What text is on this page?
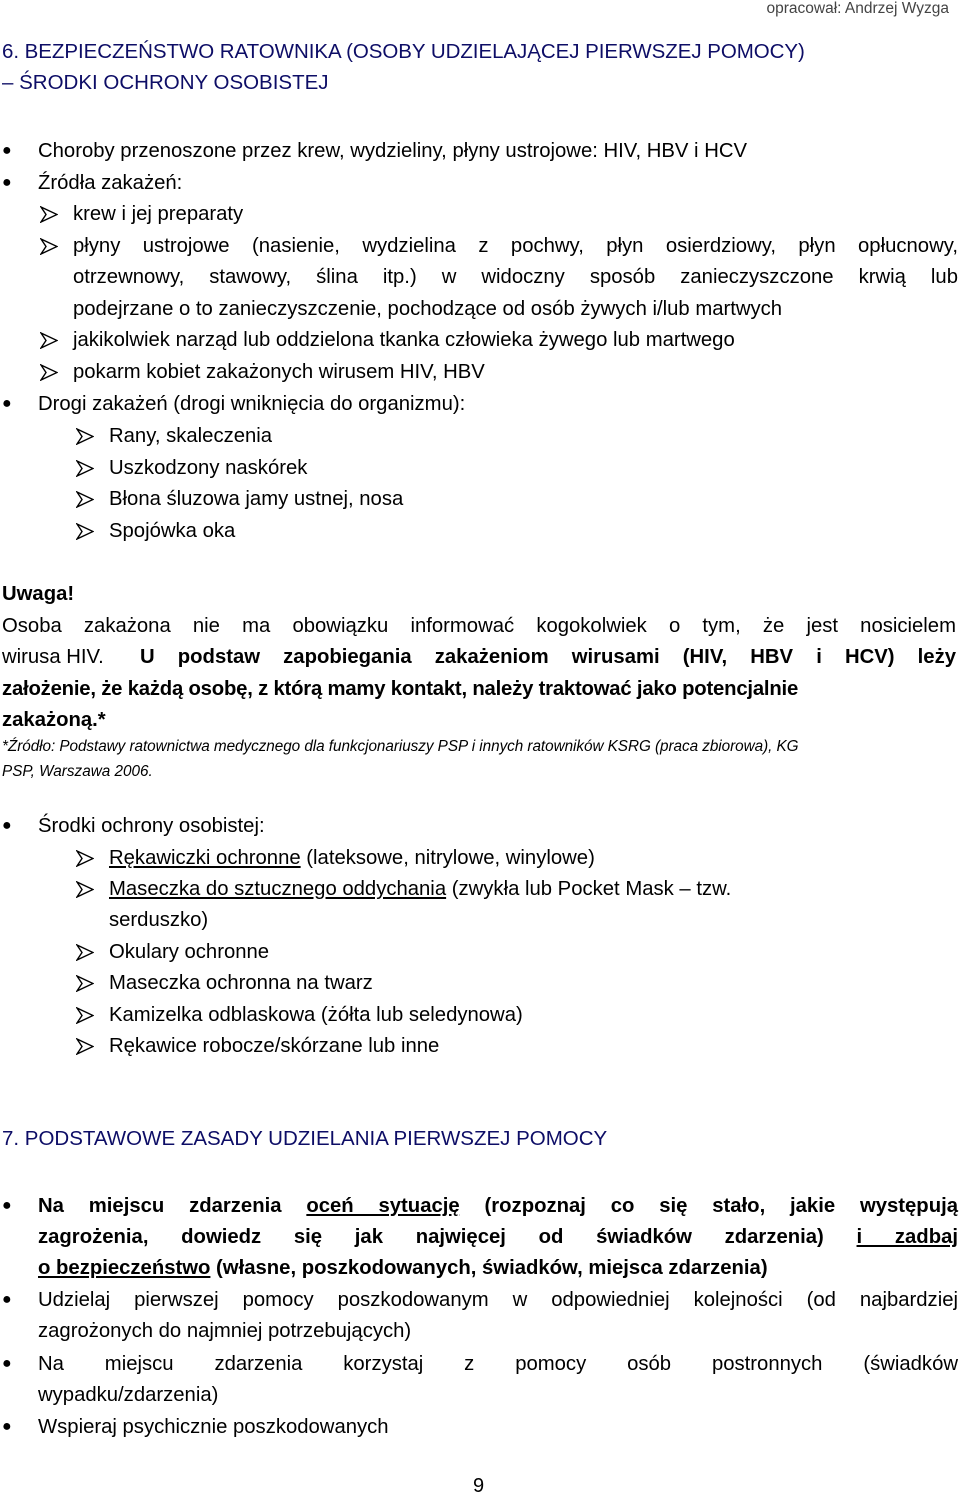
opracował: Andrzej Wyzga
6. BEZPIECZEŃSTWO RATOWNIKA (OSOBY UDZIELAJĄCEJ PIERWSZEJ POMOCY)
– ŚRODKI OCHRONY OSOBISTEJ
● Choroby przenoszone przez krew, wydzieliny, płyny ustrojowe: HIV, HBV i HCV
● Źródła zakażeń:
krew i jej preparaty
płyny ustrojowe (nasienie, wydzielina z pochwy, płyn osierdziowy, płyn opłucnowy,
otrzewnowy, stawowy, ślina itp.) w widoczny sposób zanieczyszczone krwią lub
podejrzane o to zanieczyszczenie, pochodzące od osób żywych i/lub martwych
jakikolwiek narząd lub oddzielona tkanka człowieka żywego lub martwego
pokarm kobiet zakażonych wirusem HIV, HBV
● Drogi zakażeń (drogi wniknięcia do organizmu):
Rany, skaleczenia
Uszkodzony naskórek
Błona śluzowa jamy ustnej, nosa
Spojówka oka
Uwaga!
Osoba zakażona nie ma obowiązku informować kogokolwiek o tym, że jest nosicielem
wirusa HIV. U podstaw zapobiegania zakażeniom wirusami (HIV, HBV i HCV) leży
założenie, że każdą osobę, z którą mamy kontakt, należy traktować jako potencjalnie
zakażoną.*
*Źródło: Podstawy ratownictwa medycznego dla funkcjonariuszy PSP i innych ratowników KSRG (praca zbiorowa), KG
PSP, Warszawa 2006.
● Środki ochrony osobistej:
Rękawiczki ochronne (lateksowe, nitrylowe, winylowe)
Maseczka do sztucznego oddychania (zwykła lub Pocket Mask – tzw.
serduszko)
Okulary ochronne
Maseczka ochronna na twarz
Kamizelka odblaskowa (żółta lub seledynowa)
Rękawice robocze/skórzane lub inne
7. PODSTAWOWE ZASADY UDZIELANIA PIERWSZEJ POMOCY
● Na miejscu zdarzenia oceń sytuację (rozpoznaj co się stało, jakie występują
zagrożenia, dowiedz się jak najwięcej od świadków zdarzenia) i zadbaj
o bezpieczeństwo (własne, poszkodowanych, świadków, miejsca zdarzenia)
● Udzielaj pierwszej pomocy poszkodowanym w odpowiedniej kolejności (od najbardziej
zagrożonych do najmniej potrzebujących)
● Na miejscu zdarzenia korzystaj z pomocy osób postronnych (świadków
wypadku/zdarzenia)
● Wspieraj psychicznie poszkodowanych
9
